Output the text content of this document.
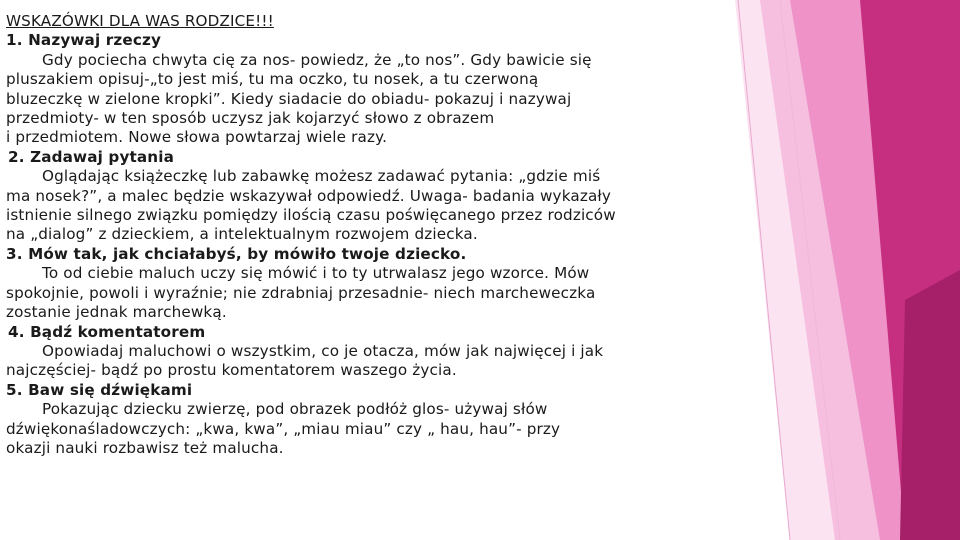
WSKAZÓWKI DLA WAS RODZICE!!!
1. Nazywaj rzeczy
Gdy pociecha chwyta cię za nos- powiedz, że „to nos”. Gdy bawicie się
pluszakiem opisuj-„to jest miś, tu ma oczko, tu nosek, a tu czerwoną
bluzeczkę w zielone kropki”. Kiedy siadacie do obiadu- pokazuj i nazywaj
przedmioty- w ten sposób uczysz jak kojarzyć słowo z obrazem
i przedmiotem. Nowe słowa powtarzaj wiele razy.
2. Zadawaj pytania
Oglądając książeczkę lub zabawkę możesz zadawać pytania: „gdzie miś
ma nosek?”, a malec będzie wskazywał odpowiedź. Uwaga- badania wykazały
istnienie silnego związku pomiędzy ilością czasu poświęcanego przez rodziców
na „dialog” z dzieckiem, a intelektualnym rozwojem dziecka.
3. Mów tak, jak chciałabyś, by mówiło twoje dziecko.
To od ciebie maluch uczy się mówić i to ty utrwalasz jego wzorce. Mów
spokojnie, powoli i wyraźnie; nie zdrabniaj przesadnie- niech marcheweczka
zostanie jednak marchewką.
4. Bądź komentatorem
Opowiadaj maluchowi o wszystkim, co je otacza, mów jak najwięcej i jak
najczęściej- bądź po prostu komentatorem waszego życia.
5. Baw się dźwiękami
Pokazując dziecku zwierzę, pod obrazek podłóż glos- używaj słów
dźwiękonaśladowczych: „kwa, kwa”, „miau miau” czy „ hau, hau”- przy
okazji nauki rozbawisz też malucha.
